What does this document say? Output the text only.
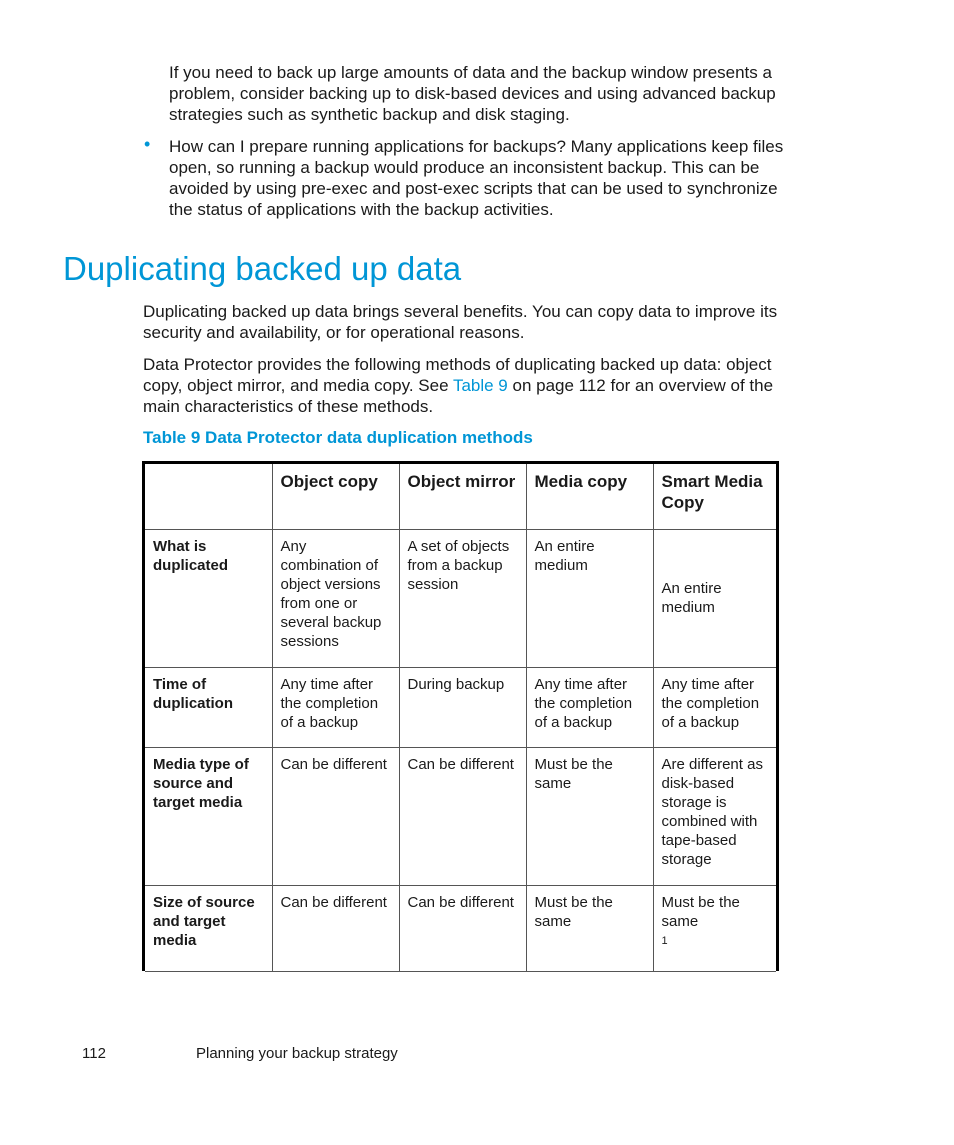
If you need to back up large amounts of data and the backup window presents a problem, consider backing up to disk-based devices and using advanced backup strategies such as synthetic backup and disk staging.

• How can I prepare running applications for backups? Many applications keep files open, so running a backup would produce an inconsistent backup. This can be avoided by using pre-exec and post-exec scripts that can be used to synchronize the status of applications with the backup activities.

Duplicating backed up data

Duplicating backed up data brings several benefits. You can copy data to improve its security and availability, or for operational reasons.

Data Protector provides the following methods of duplicating backed up data: object copy, object mirror, and media copy. See Table 9 on page 112 for an overview of the main characteristics of these methods.

Table 9 Data Protector data duplication methods

	Object copy	Object mirror	Media copy	Smart Media Copy
What is duplicated	Any combination of object versions from one or several backup sessions	A set of objects from a backup session	An entire medium	An entire medium
Time of duplication	Any time after the completion of a backup	During backup	Any time after the completion of a backup	Any time after the completion of a backup
Media type of source and target media	Can be different	Can be different	Must be the same	Are different as disk-based storage is combined with tape-based storage
Size of source and target media	Can be different	Can be different	Must be the same	Must be the same
1

112	Planning your backup strategy
